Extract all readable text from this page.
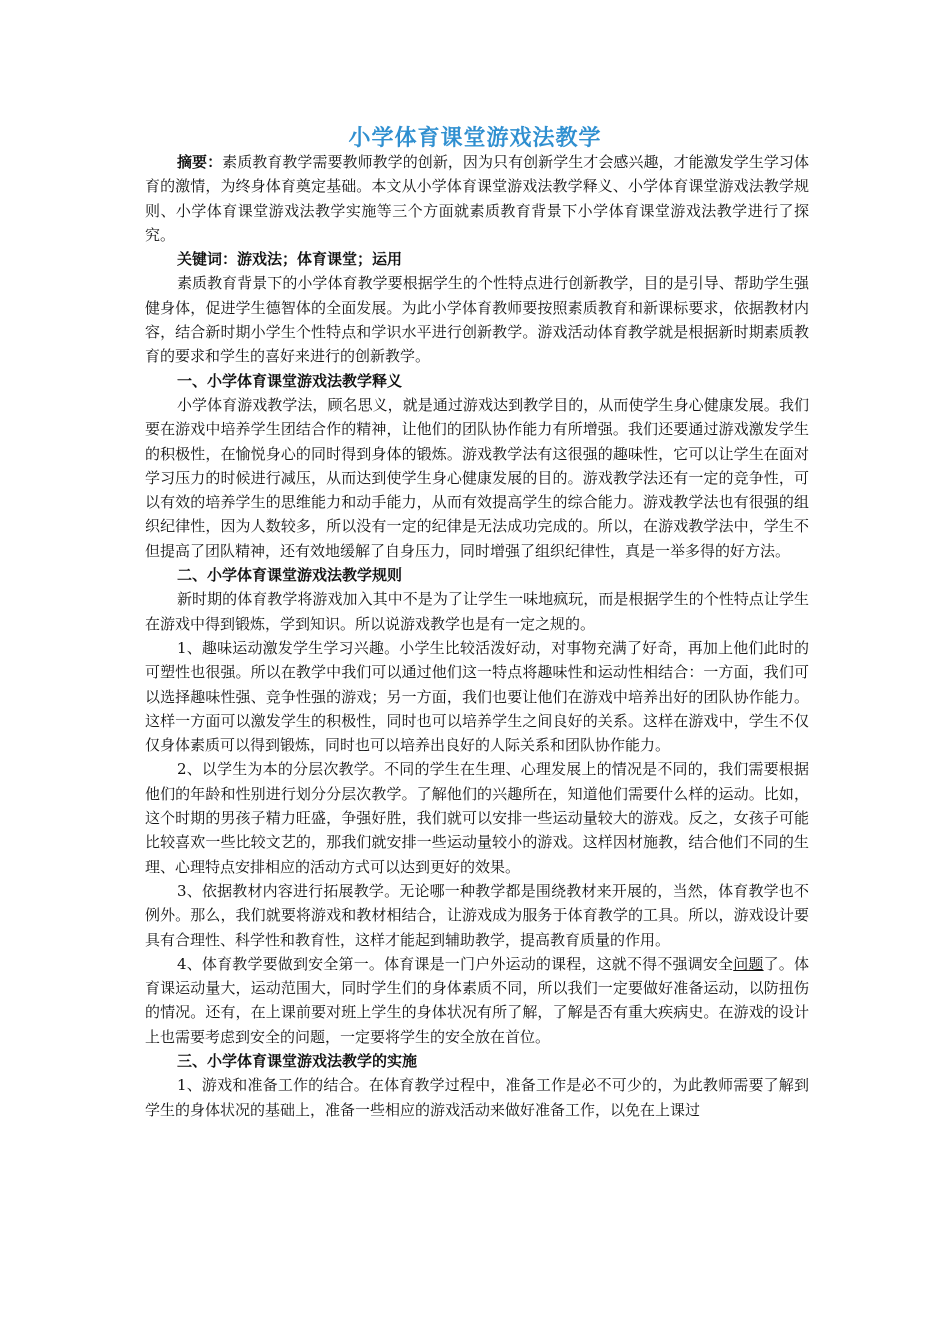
小学体育课堂游戏法教学

摘要：素质教育教学需要教师教学的创新，因为只有创新学生才会感兴趣，才能激发学生学习体育的激情，为终身体育奠定基础。本文从小学体育课堂游戏法教学释义、小学体育课堂游戏法教学规则、小学体育课堂游戏法教学实施等三个方面就素质教育背景下小学体育课堂游戏法教学进行了探究。

关键词：游戏法；体育课堂；运用

素质教育背景下的小学体育教学要根据学生的个性特点进行创新教学，目的是引导、帮助学生强健身体，促进学生德智体的全面发展。为此小学体育教师要按照素质教育和新课标要求，依据教材内容，结合新时期小学生个性特点和学识水平进行创新教学。游戏活动体育教学就是根据新时期素质教育的要求和学生的喜好来进行的创新教学。

一、小学体育课堂游戏法教学释义

小学体育游戏教学法，顾名思义，就是通过游戏达到教学目的，从而使学生身心健康发展。我们要在游戏中培养学生团结合作的精神，让他们的团队协作能力有所增强。我们还要通过游戏激发学生的积极性，在愉悦身心的同时得到身体的锻炼。游戏教学法有这很强的趣味性，它可以让学生在面对学习压力的时候进行减压，从而达到使学生身心健康发展的目的。游戏教学法还有一定的竞争性，可以有效的培养学生的思维能力和动手能力，从而有效提高学生的综合能力。游戏教学法也有很强的组织纪律性，因为人数较多，所以没有一定的纪律是无法成功完成的。所以，在游戏教学法中，学生不但提高了团队精神，还有效地缓解了自身压力，同时增强了组织纪律性，真是一举多得的好方法。

二、小学体育课堂游戏法教学规则

新时期的体育教学将游戏加入其中不是为了让学生一味地疯玩，而是根据学生的个性特点让学生在游戏中得到锻炼，学到知识。所以说游戏教学也是有一定之规的。

1、趣味运动激发学生学习兴趣。小学生比较活泼好动，对事物充满了好奇，再加上他们此时的可塑性也很强。所以在教学中我们可以通过他们这一特点将趣味性和运动性相结合：一方面，我们可以选择趣味性强、竞争性强的游戏；另一方面，我们也要让他们在游戏中培养出好的团队协作能力。这样一方面可以激发学生的积极性，同时也可以培养学生之间良好的关系。这样在游戏中，学生不仅仅身体素质可以得到锻炼，同时也可以培养出良好的人际关系和团队协作能力。

2、以学生为本的分层次教学。不同的学生在生理、心理发展上的情况是不同的，我们需要根据他们的年龄和性别进行划分分层次教学。了解他们的兴趣所在，知道他们需要什么样的运动。比如，这个时期的男孩子精力旺盛，争强好胜，我们就可以安排一些运动量较大的游戏。反之，女孩子可能比较喜欢一些比较文艺的，那我们就安排一些运动量较小的游戏。这样因材施教，结合他们不同的生理、心理特点安排相应的活动方式可以达到更好的效果。

3、依据教材内容进行拓展教学。无论哪一种教学都是围绕教材来开展的，当然，体育教学也不例外。那么，我们就要将游戏和教材相结合，让游戏成为服务于体育教学的工具。所以，游戏设计要具有合理性、科学性和教育性，这样才能起到辅助教学，提高教育质量的作用。

4、体育教学要做到安全第一。体育课是一门户外运动的课程，这就不得不强调安全问题了。体育课运动量大，运动范围大，同时学生们的身体素质不同，所以我们一定要做好准备运动，以防扭伤的情况。还有，在上课前要对班上学生的身体状况有所了解，了解是否有重大疾病史。在游戏的设计上也需要考虑到安全的问题，一定要将学生的安全放在首位。

三、小学体育课堂游戏法教学的实施

1、游戏和准备工作的结合。在体育教学过程中，准备工作是必不可少的，为此教师需要了解到学生的身体状况的基础上，准备一些相应的游戏活动来做好准备工作，以免在上课过
